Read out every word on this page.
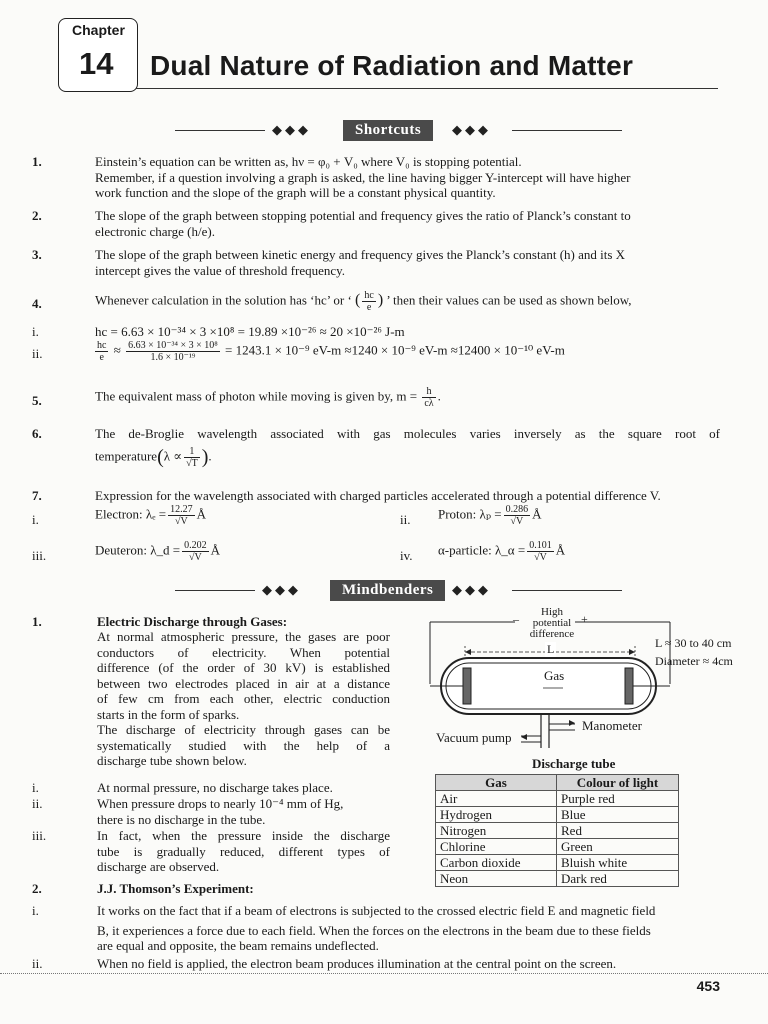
Chapter
14 Dual Nature of Radiation and Matter
◆◆◆	Shortcuts	◆◆◆
1.	Einstein’s equation can be written as, hν = φ₀ + V₀ where V₀ is stopping potential.
Remember, if a question involving a graph is asked, the line having bigger Y-intercept will have higher
work function and the slope of the graph will be a constant physical quantity.
2.	The slope of the graph between stopping potential and frequency gives the ratio of Planck’s constant to
electronic charge (h/e).
3.	The slope of the graph between kinetic energy and frequency gives the Planck’s constant (h) and its X
intercept gives the value of threshold frequency.
4.	Whenever calculation in the solution has ‘hc’ or ‘ ( $\frac{hc}{e}$ ) ’ then their values can be used as shown below,
i.	hc = 6.63 × 10⁻³⁴ × 3 ×10⁸ = 19.89 ×10⁻²⁶ ≈ 20 ×10⁻²⁶ J-m
ii.	$\frac{hc}{e} \approx \frac{\text{6.63 × 10⁻³⁴ × 3 × 10⁸}}{\text{1.6 × 10⁻¹⁹}} = 1243.1 \times 10^{-9}$ eV-m ≈1240 × 10⁻⁹ eV-m ≈12400 × 10⁻¹⁰ eV-m
5.	The equivalent mass of photon while moving is given by, $m = \frac{h}{c\lambda}$ .
6.	The de-Broglie wavelength associated with gas molecules varies inversely as the square root of
temperature(λ ∝ $\frac{1}{√T}$ ).
7.	Expression for the wavelength associated with charged particles accelerated through a potential difference V.
i.	Electron: $\lambda_e = \frac{12.27}{√V}$ Å	ii. Proton: $\lambda_p = \frac{0.286}{√V}$ Å
iii.	Deuteron: λ_d = $\frac{0.202}{√V}$ Å	iv. α-particle: λ_α = $\frac{0.101}{√V}$ Å
◆◆◆	Mindbenders	◆◆◆
1.	Electric Discharge through Gases:
At normal atmospheric pressure, the gases are poor
conductors of electricity. When potential
difference (of the order of 30 kV) is established
between two electrodes placed in air at a distance
of few cm from each other, electric conduction
starts in the form of sparks.
The discharge of electricity through gases can be
systematically studied with the help of a
discharge tube shown below.
i.	At normal pressure, no discharge takes place.
ii.	When pressure drops to nearly 10⁻⁴ mm of Hg,
there is no discharge in the tube.
iii.	In fact, when the pressure inside the discharge
tube is gradually reduced, different types of
discharge are observed.
High
potential
difference
–	+
L
Gas
L ≈ 30 to 40 cm
Diameter ≈ 4cm
Manometer
Vacuum pump
Discharge tube
Gas	Colour of light
Air	Purple red
Hydrogen	Blue
Nitrogen	Red
Chlorine	Green
Carbon dioxide	Bluish white
Neon	Dark red
2.	J.J. Thomson’s Experiment:
i.	It works on the fact that if a beam of electrons is subjected to the crossed electric field E and magnetic field
B, it experiences a force due to each field. When the forces on the electrons in the beam due to these fields
are equal and opposite, the beam remains undeflected.
ii.	When no field is applied, the electron beam produces illumination at the central point on the screen.
453
